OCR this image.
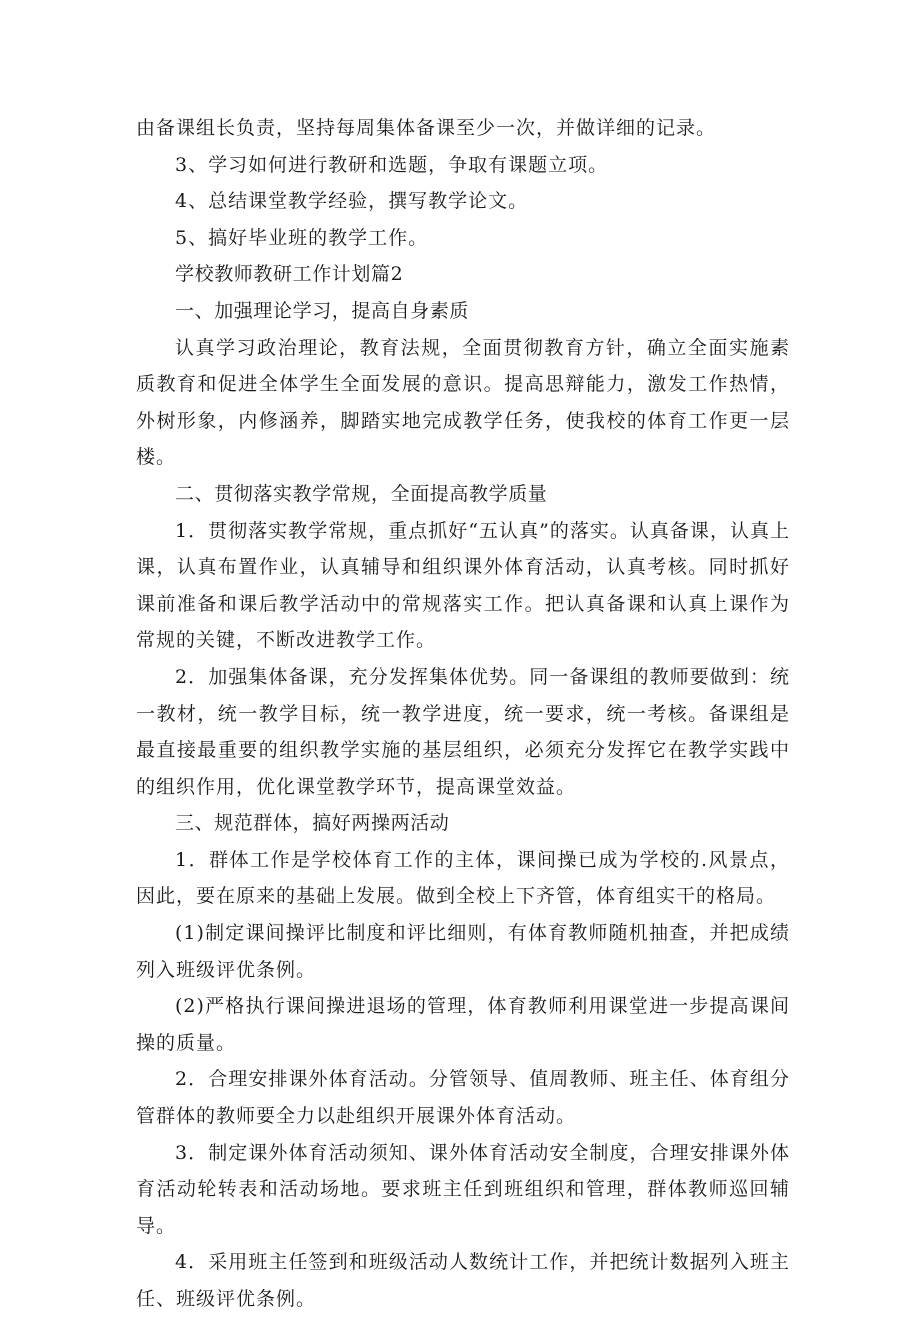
由备课组长负责，坚持每周集体备课至少一次，并做详细的记录。

3、学习如何进行教研和选题，争取有课题立项。

4、总结课堂教学经验，撰写教学论文。

5、搞好毕业班的教学工作。

学校教师教研工作计划篇2

一、加强理论学习，提高自身素质

认真学习政治理论，教育法规，全面贯彻教育方针，确立全面实施素质教育和促进全体学生全面发展的意识。提高思辩能力，激发工作热情，外树形象，内修涵养，脚踏实地完成教学任务，使我校的体育工作更一层楼。

二、贯彻落实教学常规，全面提高教学质量

1．贯彻落实教学常规，重点抓好“五认真”的落实。认真备课，认真上课，认真布置作业，认真辅导和组织课外体育活动，认真考核。同时抓好课前准备和课后教学活动中的常规落实工作。把认真备课和认真上课作为常规的关键，不断改进教学工作。

2．加强集体备课，充分发挥集体优势。同一备课组的教师要做到：统一教材，统一教学目标，统一教学进度，统一要求，统一考核。备课组是最直接最重要的组织教学实施的基层组织，必须充分发挥它在教学实践中的组织作用，优化课堂教学环节，提高课堂效益。

三、规范群体，搞好两操两活动

1．群体工作是学校体育工作的主体，课间操已成为学校的.风景点，因此，要在原来的基础上发展。做到全校上下齐管，体育组实干的格局。

(1)制定课间操评比制度和评比细则，有体育教师随机抽查，并把成绩列入班级评优条例。

(2)严格执行课间操进退场的管理，体育教师利用课堂进一步提高课间操的质量。

2．合理安排课外体育活动。分管领导、值周教师、班主任、体育组分管群体的教师要全力以赴组织开展课外体育活动。

3．制定课外体育活动须知、课外体育活动安全制度，合理安排课外体育活动轮转表和活动场地。要求班主任到班组织和管理，群体教师巡回辅导。

4．采用班主任签到和班级活动人数统计工作，并把统计数据列入班主任、班级评优条例。
